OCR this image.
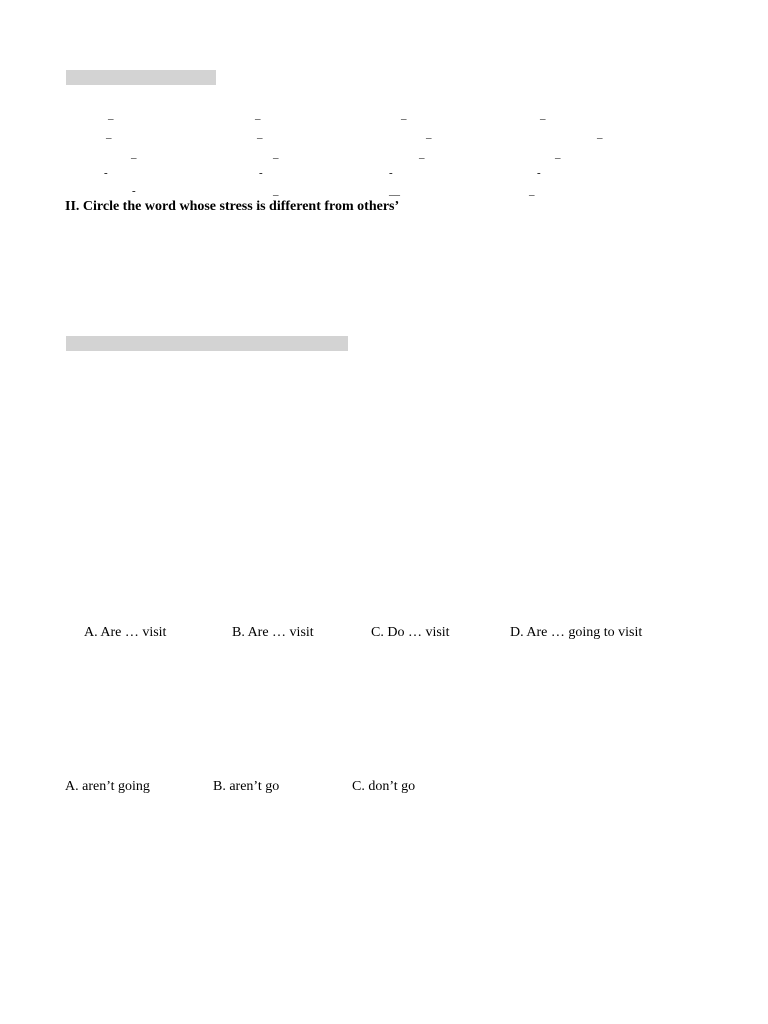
_	_	_	_
_	_	_	_
_	_	_	_
-	-	-	-
-	_	__	_
II. Circle the word whose stress is different from others’
A. Are … visit	B. Are … visit	C. Do … visit	D. Are … going to visit
A. aren’t going	B. aren’t go	C. don’t go
